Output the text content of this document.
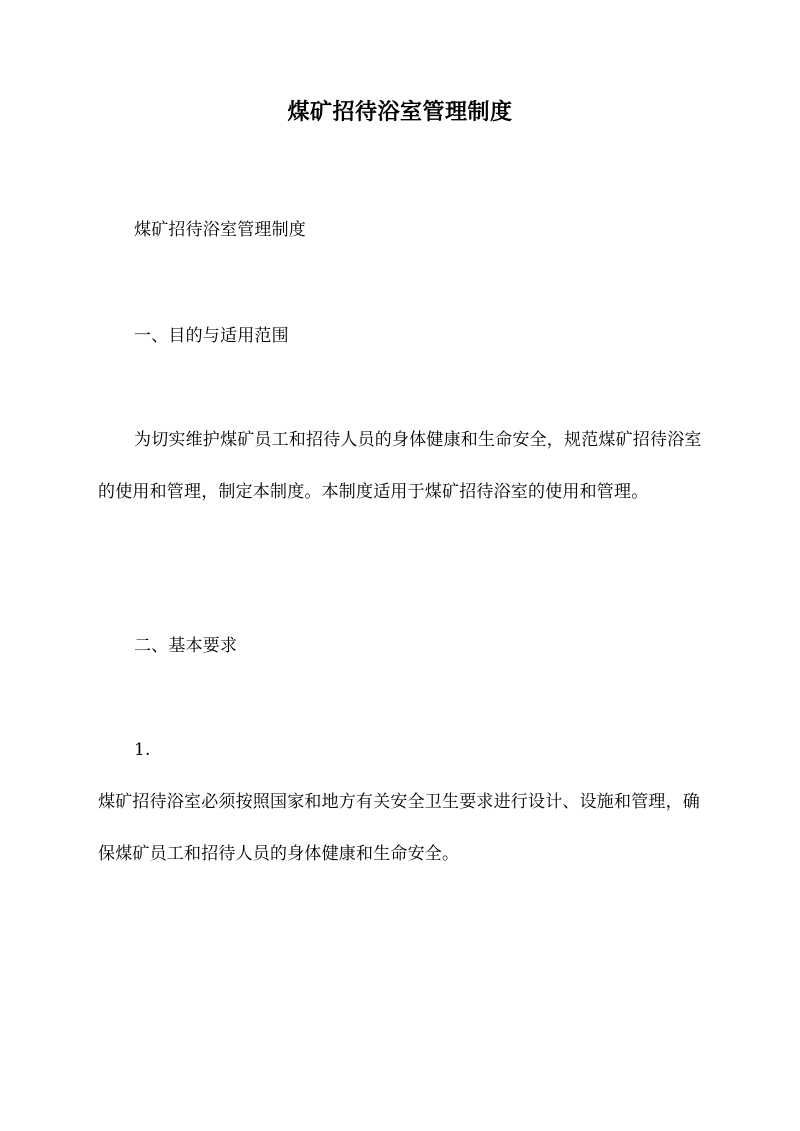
煤矿招待浴室管理制度
煤矿招待浴室管理制度
一、目的与适用范围
为切实维护煤矿员工和招待人员的身体健康和生命安全，规范煤矿招待浴室的使用和管理，制定本制度。本制度适用于煤矿招待浴室的使用和管理。
二、基本要求
1.
煤矿招待浴室必须按照国家和地方有关安全卫生要求进行设计、设施和管理，确保煤矿员工和招待人员的身体健康和生命安全。
